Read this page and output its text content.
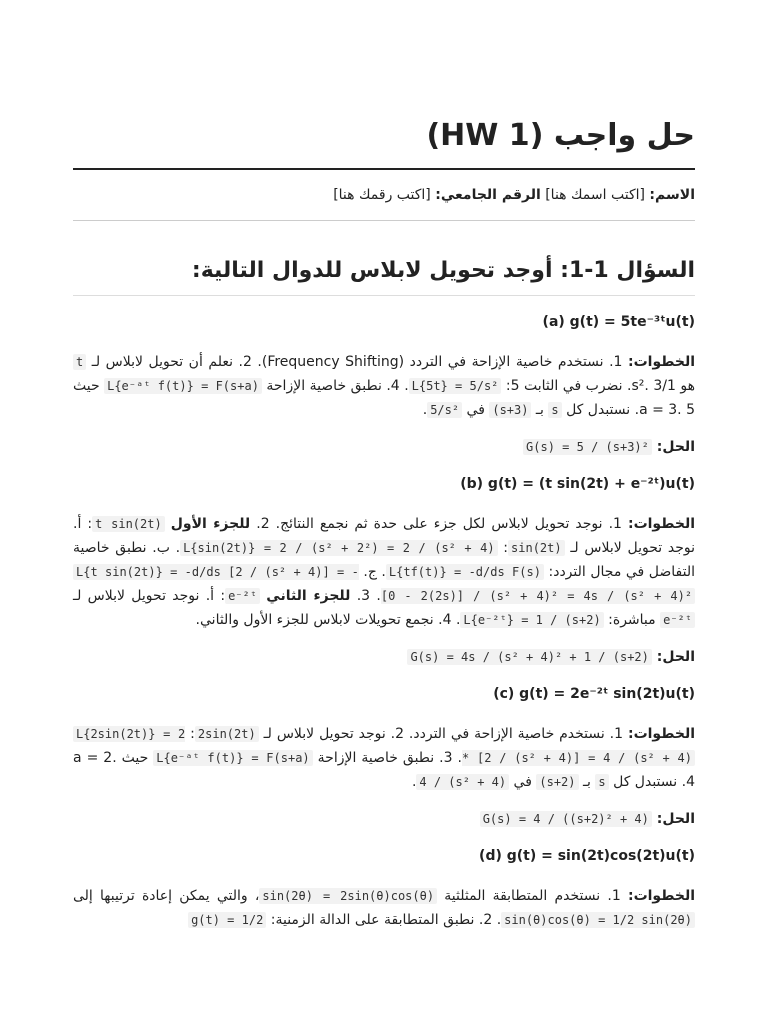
حل واجب (HW 1)
الاسم: [اكتب اسمك هنا] الرقم الجامعي: [اكتب رقمك هنا]
السؤال 1-1: أوجد تحويل لابلاس للدوال التالية:
(a) g(t) = 5te⁻³ᵗu(t)
الخطوات: 1. نستخدم خاصية الإزاحة في التردد (Frequency Shifting). 2. نعلم أن تحويل لابلاس لـ t هو 1/s². 3. نضرب في الثابت 5: L{5t} = 5/s². 4. نطبق خاصية الإزاحة L{e⁻ᵃᵗ f(t)} = F(s+a) حيث a = 3. 5. نستبدل كل s بـ (s+3) في 5/s².
الحل: G(s) = 5 / (s+3)²
(b) g(t) = (t sin(2t) + e⁻²ᵗ)u(t)
الخطوات: 1. نوجد تحويل لابلاس لكل جزء على حدة ثم نجمع النتائج. 2. للجزء الأول t sin(2t): أ. نوجد تحويل لابلاس لـ sin(2t): L{sin(2t)} = 2 / (s² + 2²) = 2 / (s² + 4). ب. نطبق خاصية التفاضل في مجال التردد: L{tf(t)} = -d/ds F(s). ج. L{t sin(2t)} = -d/ds [2 / (s² + 4)] = -[0 - 2(2s)] / (s² + 4)² = 4s / (s² + 4)². 3. للجزء الثاني e⁻²ᵗ: أ. نوجد تحويل لابلاس لـ e⁻²ᵗ مباشرة: L{e⁻²ᵗ} = 1 / (s+2). 4. نجمع تحويلات لابلاس للجزء الأول والثاني.
الحل: G(s) = 4s / (s² + 4)² + 1 / (s+2)
(c) g(t) = 2e⁻²ᵗ sin(2t)u(t)
الخطوات: 1. نستخدم خاصية الإزاحة في التردد. 2. نوجد تحويل لابلاس لـ 2sin(2t): L{2sin(2t)} = 2 * [2 / (s² + 4)] = 4 / (s² + 4). 3. نطبق خاصية الإزاحة L{e⁻ᵃᵗ f(t)} = F(s+a) حيث a = 2. 4. نستبدل كل s بـ (s+2) في 4 / (s² + 4).
الحل: G(s) = 4 / ((s+2)² + 4)
(d) g(t) = sin(2t)cos(2t)u(t)
الخطوات: 1. نستخدم المتطابقة المثلثية sin(2θ) = 2sin(θ)cos(θ)، والتي يمكن إعادة ترتيبها إلى sin(θ)cos(θ) = 1/2 sin(2θ). 2. نطبق المتطابقة على الدالة الزمنية: g(t) = 1/2
